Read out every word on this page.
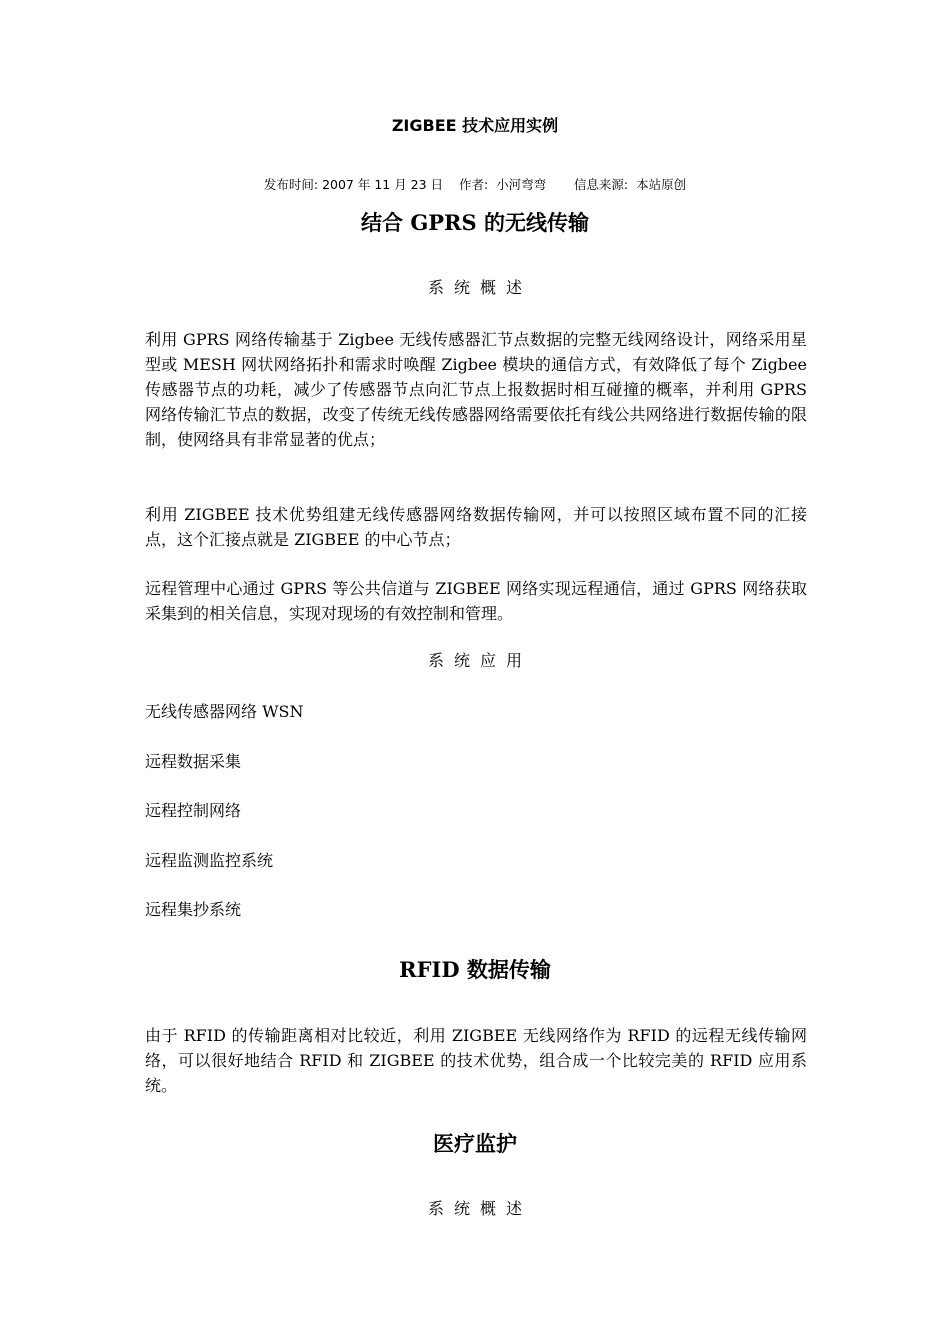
ZIGBEE 技术应用实例
发布时间: 2007 年 11 月 23 日    作者:  小河弯弯       信息来源:  本站原创
结合 GPRS 的无线传输
系统概述

利用 GPRS 网络传输基于 Zigbee 无线传感器汇节点数据的完整无线网络设计，网络采用星型或 MESH 网状网络拓扑和需求时唤醒 Zigbee 模块的通信方式，有效降低了每个 Zigbee 传感器节点的功耗，减少了传感器节点向汇节点上报数据时相互碰撞的概率，并利用 GPRS 网络传输汇节点的数据，改变了传统无线传感器网络需要依托有线公共网络进行数据传输的限制，使网络具有非常显著的优点；

利用 ZIGBEE 技术优势组建无线传感器网络数据传输网，并可以按照区域布置不同的汇接点，这个汇接点就是 ZIGBEE 的中心节点；

远程管理中心通过 GPRS 等公共信道与 ZIGBEE 网络实现远程通信，通过 GPRS 网络获取采集到的相关信息，实现对现场的有效控制和管理。

系统应用
无线传感器网络 WSN
远程数据采集
远程控制网络
远程监测监控系统
远程集抄系统
RFID 数据传输

由于 RFID 的传输距离相对比较近，利用 ZIGBEE 无线网络作为 RFID 的远程无线传输网络，可以很好地结合 RFID 和 ZIGBEE 的技术优势，组合成一个比较完美的 RFID 应用系统。

医疗监护
系统概述
